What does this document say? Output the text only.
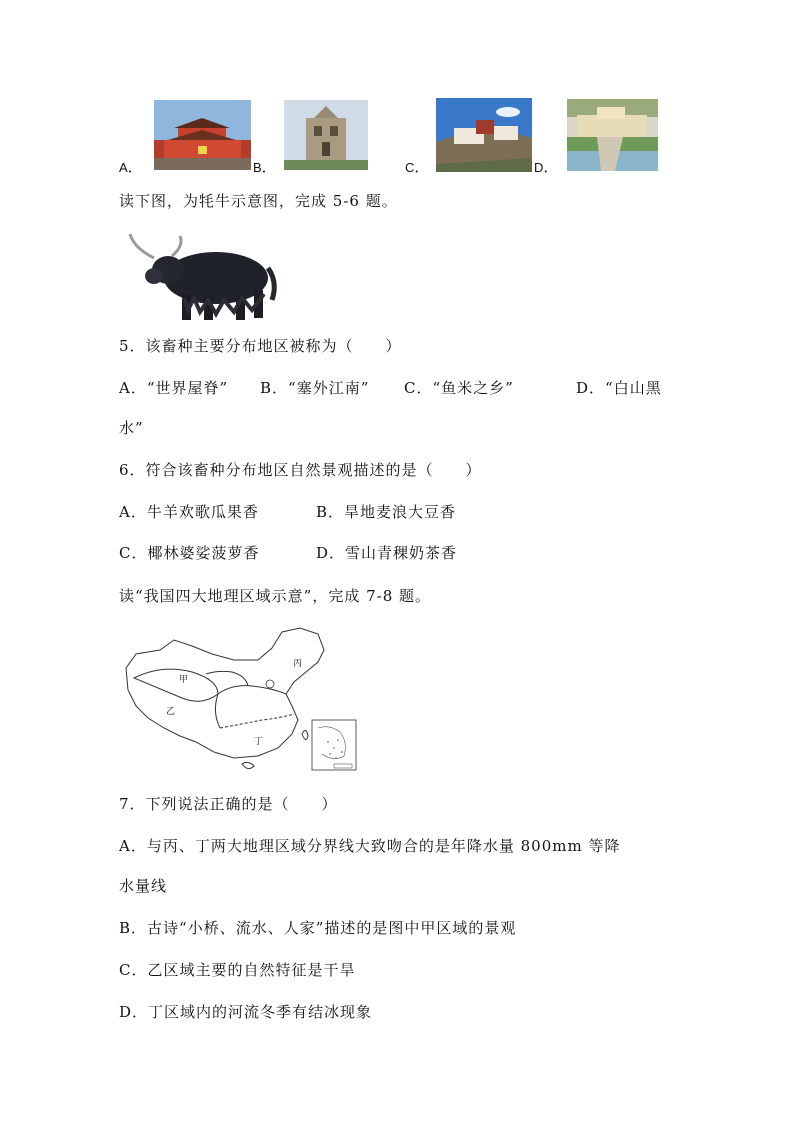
A．	B．	C．	D．
读下图，为牦牛示意图，完成 5-6 题。
5．该畜种主要分布地区被称为（　　）
A．“世界屋脊” B．“塞外江南” C．“鱼米之乡”	D．“白山黑
水”
6．符合该畜种分布地区自然景观描述的是（　　）
A．牛羊欢歌瓜果香	B．旱地麦浪大豆香
C．椰林婆娑菠萝香	D．雪山青稞奶茶香
读“我国四大地理区域示意”，完成 7-8 题。
甲
乙
丙
丁
7．下列说法正确的是（　　）
A．与丙、丁两大地理区域分界线大致吻合的是年降水量 800mm 等降
水量线
B．古诗“小桥、流水、人家”描述的是图中甲区域的景观
C．乙区域主要的自然特征是干旱
D．丁区域内的河流冬季有结冰现象
